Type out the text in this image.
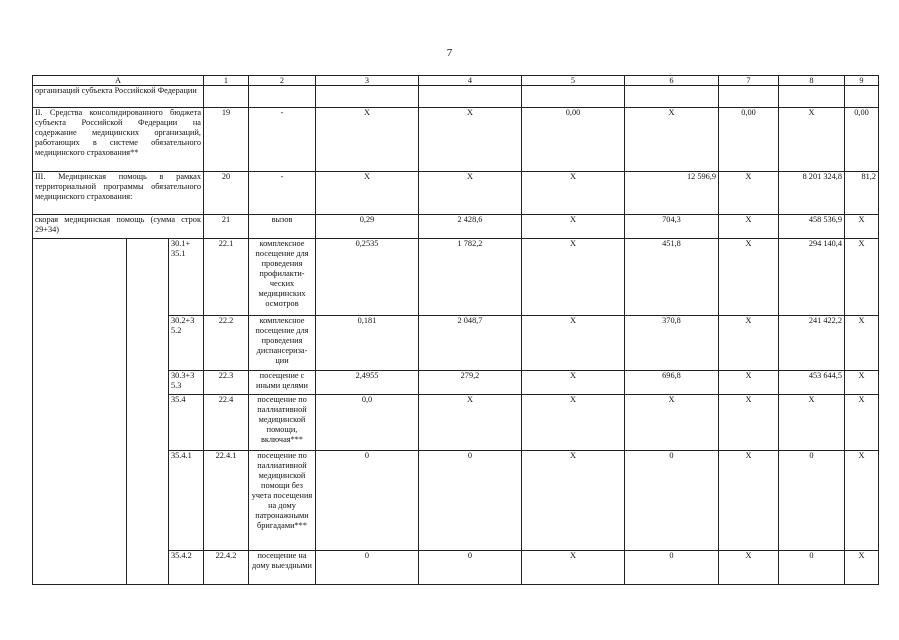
7
А			1	2	3	4	5	6	7	8	9
организаций субъекта Российской Федерации											
II. Средства консолидированного бюджета субъекта Российской Федерации на содержание медицинских организаций, работающих в системе обязательного медицинского страхования**			19	-	X	X	0,00	X	0,00	X	0,00
III. Медицинская помощь в рамках территориальной программы обязательного медицинского страхования:			20	-	X	X	X	12 596,9	X	8 201 324,8	81,2
скорая медицинская помощь (сумма строк 29+34)			21	вызов	0,29	2 428,6	X	704,3	X	458 536,9	X
		30.1+ 35.1	22.1	комплексное посещение для проведения профилакти-ческих медицинских осмотров	0,2535	1 782,2	X	451,8	X	294 140,4	X
		30.2+3 5.2	22.2	комплексное посещение для проведения диспансериза-ции	0,181	2 048,7	X	370,8	X	241 422,2	X
		30.3+3 5.3	22.3	посещение с иными целями	2,4955	279,2	X	696,8	X	453 644,5	X
		35.4	22.4	посещение по паллиативной медицинской помощи, включая***	0,0	X	X	X	X	X	X
		35.4.1	22.4.1	посещение по паллиативной медицинской помощи без учета посещения на дому патронажными бригадами***	0	0	X	0	X	0	X
		35.4.2	22.4.2	посещение на дому выездными	0	0	X	0	X	0	X
